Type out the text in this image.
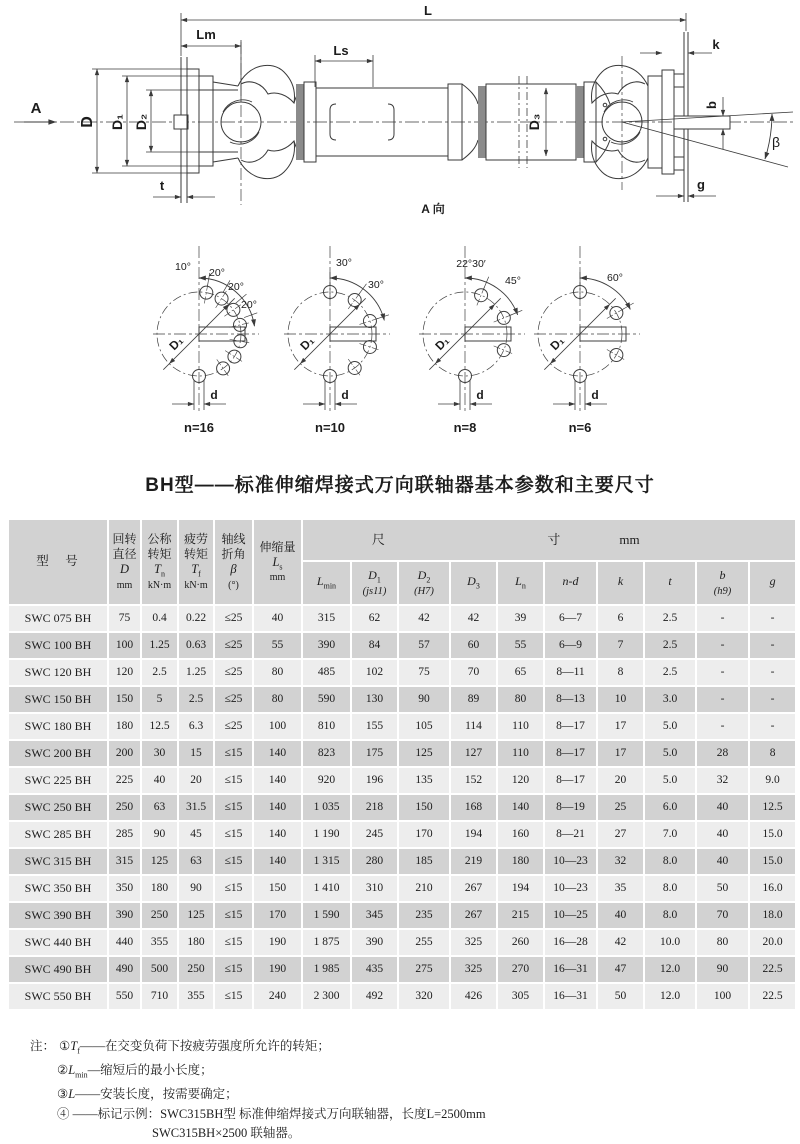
L
Lm
Ls	k
A
D D₁ D₂	D₃
b
β
g
t
A 向
10° 20°
20°
20°
D₁
d
n=16
30°
30°
D₁
d
n=10
22°30′
45°
D₁
d
n=8
60°
D₁
d
n=6
BH型——标准伸缩焊接式万向联轴器基本参数和主要尺寸
型　号	
回转
直径
D
mm

公称
转矩
$T_n$
kN·m

疲劳
转矩
$T_f$
kN·m

轴线
折角
β
(°)

伸缩量
$L_s$
mm

尺	寸	mm

$L_{min}$

$D_1$
(js11)

$D_2$
(H7)

$D_3$	$L_n$	n-d	k	t	b
(h9)

g

SWC 075 BH	75	0.4	0.22	≤25	40	315	62	42	42	39	6—7	6	2.5	-	-
SWC 100 BH	100	1.25	0.63	≤25	55	390	84	57	60	55	6—9	7	2.5	-	-
SWC 120 BH	120	2.5	1.25	≤25	80	485	102	75	70	65	8—11	8	2.5	-	-
SWC 150 BH	150	5	2.5	≤25	80	590	130	90	89	80	8—13	10	3.0	-	-
SWC 180 BH	180	12.5	6.3	≤25	100	810	155	105	114	110	8—17	17	5.0	-	-
SWC 200 BH	200	30	15	≤15	140	823	175	125	127	110	8—17	17	5.0	28	8
SWC 225 BH	225	40	20	≤15	140	920	196	135	152	120	8—17	20	5.0	32	9.0
SWC 250 BH	250	63	31.5	≤15	140	1 035	218	150	168	140	8—19	25	6.0	40	12.5
SWC 285 BH	285	90	45	≤15	140	1 190	245	170	194	160	8—21	27	7.0	40	15.0
SWC 315 BH	315	125	63	≤15	140	1 315	280	185	219	180	10—23	32	8.0	40	15.0
SWC 350 BH	350	180	90	≤15	150	1 410	310	210	267	194	10—23	35	8.0	50	16.0
SWC 390 BH	390	250	125	≤15	170	1 590	345	235	267	215	10—25	40	8.0	70	18.0
SWC 440 BH	440	355	180	≤15	190	1 875	390	255	325	260	16—28	42	10.0	80	20.0
SWC 490 BH	490	500	250	≤15	190	1 985	435	275	325	270	16—31	47	12.0	90	22.5
SWC 550 BH	550	710	355	≤15	240	2 300	492	320	426	305	16—31	50	12.0	100	22.5
注： $①T_f——$在交变负荷下按疲劳强度所允许的转矩；
$②L_{min}—$缩短后的最小长度；
③L——安装长度，按需要确定；
④ ——标记示例：SWC315BH型 标准伸缩焊接式万向联轴器，长度L=2500mm
SWC315BH×2500 联轴器。
